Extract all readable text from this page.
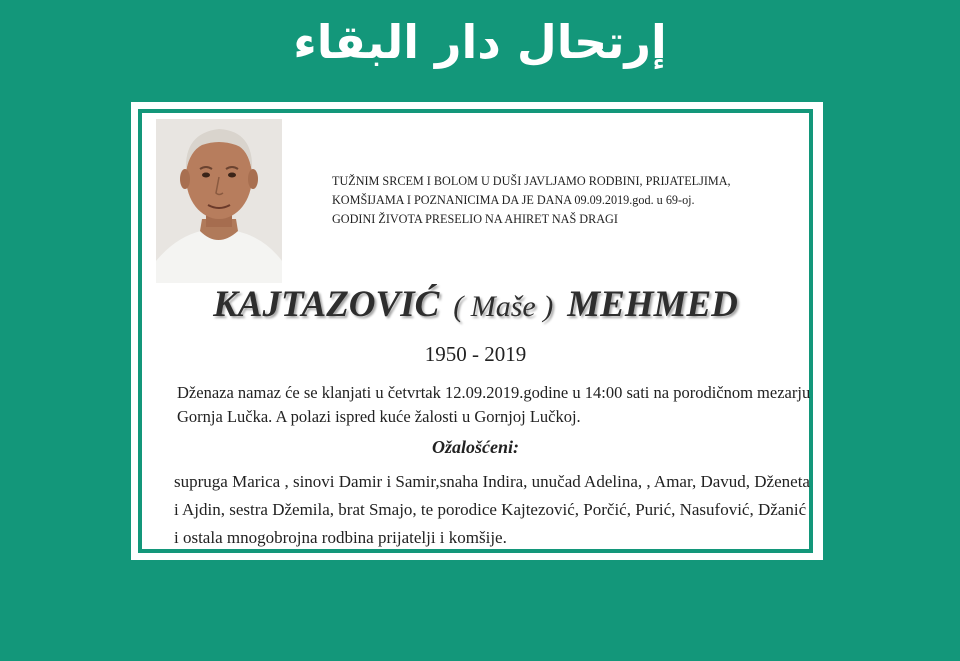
إرتحال دار البقاء
TUŽNIM SRCEM I BOLOM U DUŠI JAVLJAMO RODBINI, PRIJATELJIMA,
KOMŠIJAMA I POZNANICIMA DA JE DANA 09.09.2019.god. u 69-oj.
GODINI ŽIVOTA PRESELIO NA AHIRET NAŠ DRAGI
KAJTAZOVIĆ ( Maše ) MEHMED
1950 - 2019
Dženaza namaz će se klanjati u četvrtak 12.09.2019.godine u 14:00 sati na porodičnom mezarju
Gornja Lučka. A polazi ispred kuće žalosti u Gornjoj Lučkoj.
Ožalošćeni:
supruga Marica , sinovi Damir i Samir,snaha Indira, unučad Adelina, , Amar, Davud, Dženeta
i Ajdin, sestra Džemila, brat Smajo, te porodice Kajtezović, Porčić, Purić, Nasufović, Džanić
i ostala mnogobrojna rodbina prijatelji i komšije.
